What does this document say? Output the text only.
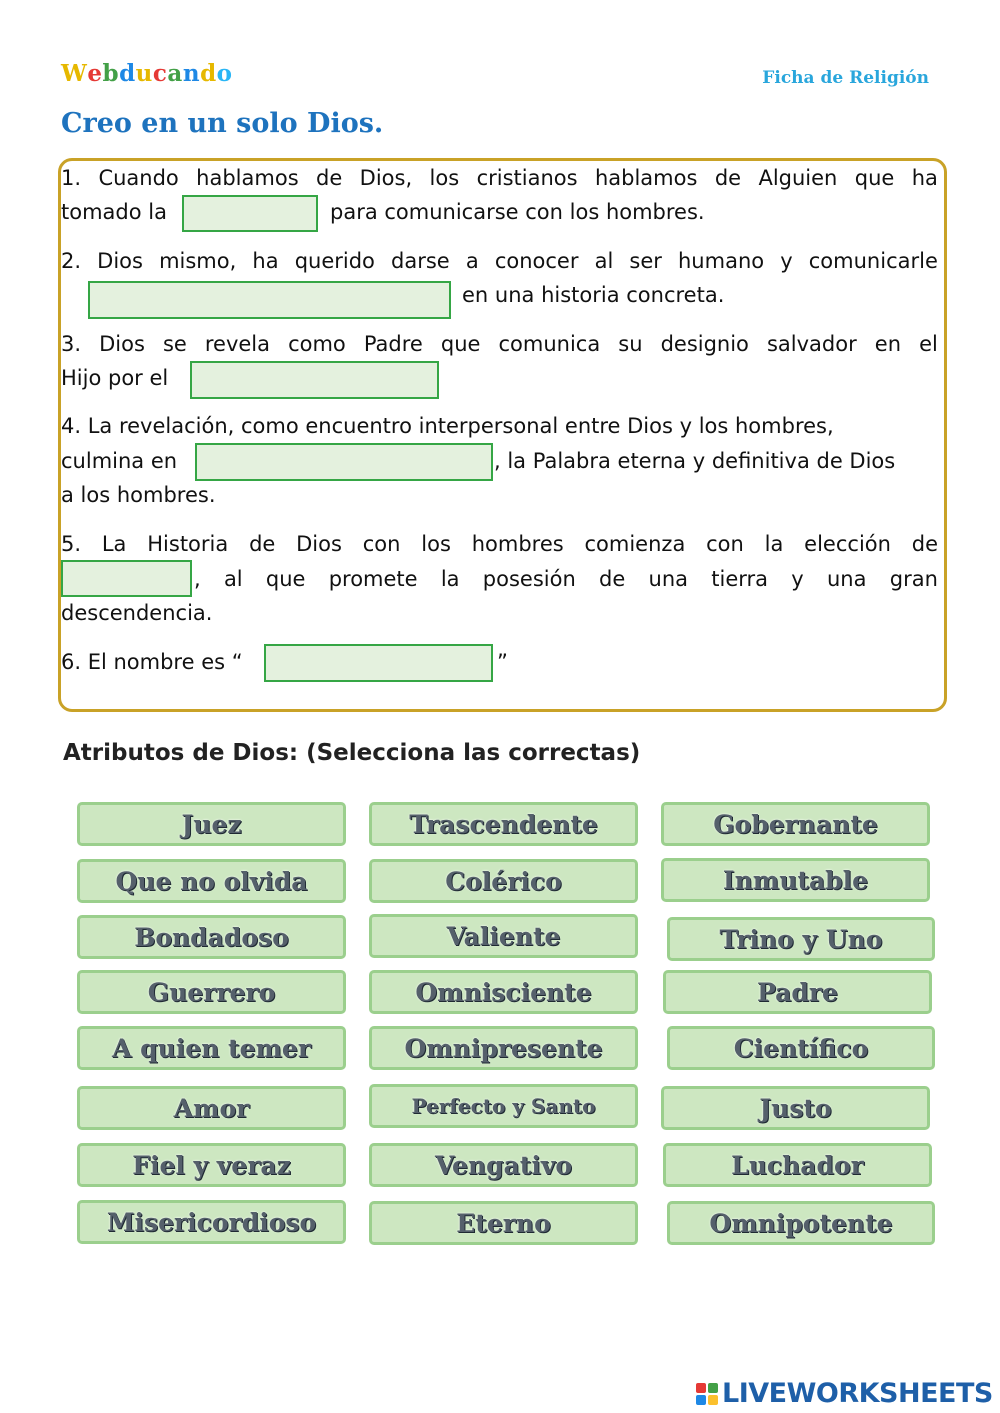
Webducando	Ficha de Religión
Creo en un solo Dios.
1. Cuando hablamos de Dios, los cristianos hablamos de Alguien que ha
tomado la	para comunicarse con los hombres.
2. Dios mismo, ha querido darse a conocer al ser humano y comunicarle
en una historia concreta.
3. Dios se revela como Padre que comunica su designio salvador en el
Hijo por el
4. La revelación, como encuentro interpersonal entre Dios y los hombres,
culmina en	, la Palabra eterna y definitiva de Dios
a los hombres.
5. La Historia de Dios con los hombres comienza con la elección de
, al que promete la posesión de una tierra y una gran
descendencia.
6. El nombre es “	”
Atributos de Dios: (Selecciona las correctas)
Juez	Trascendente	Gobernante
Que no olvida	Colérico	Inmutable
Bondadoso	Valiente	Trino y Uno
Guerrero	Omnisciente	Padre
A quien temer	Omnipresente	Científico
Amor	Perfecto y Santo	Justo
Fiel y veraz	Vengativo	Luchador
Misericordioso	Eterno	Omnipotente
LIVEWORKSHEETS
